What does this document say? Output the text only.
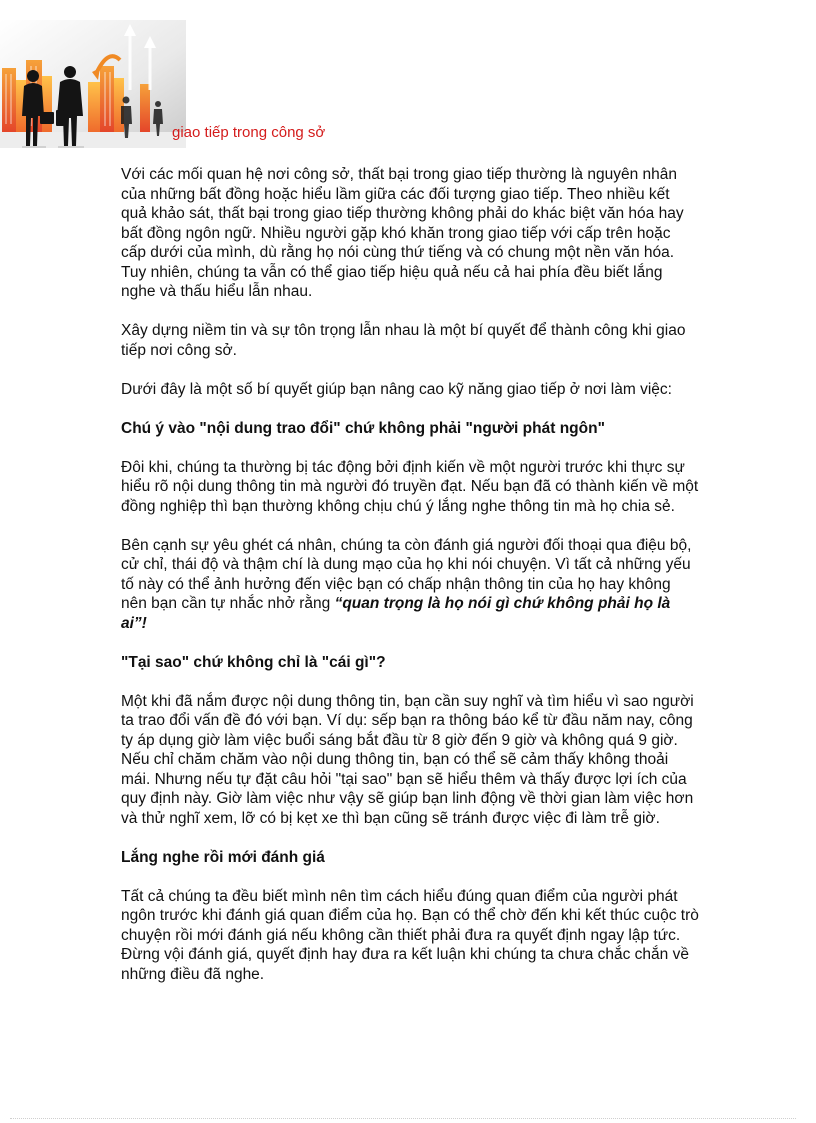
giao tiếp trong công sở

Với các mối quan hệ nơi công sở, thất bại trong giao tiếp thường là nguyên nhân của những bất đồng hoặc hiểu lầm giữa các đối tượng giao tiếp. Theo nhiều kết quả khảo sát, thất bại trong giao tiếp thường không phải do khác biệt văn hóa hay bất đồng ngôn ngữ. Nhiều người gặp khó khăn trong giao tiếp với cấp trên hoặc cấp dưới của mình, dù rằng họ nói cùng thứ tiếng và có chung một nền văn hóa. Tuy nhiên, chúng ta vẫn có thể giao tiếp hiệu quả nếu cả hai phía đều biết lắng nghe và thấu hiểu lẫn nhau.

Xây dựng niềm tin và sự tôn trọng lẫn nhau là một bí quyết để thành công khi giao tiếp nơi công sở.

Dưới đây là một số bí quyết giúp bạn nâng cao kỹ năng giao tiếp ở nơi làm việc:

Chú ý vào "nội dung trao đổi" chứ không phải "người phát ngôn"

Đôi khi, chúng ta thường bị tác động bởi định kiến về một người trước khi thực sự hiểu rõ nội dung thông tin mà người đó truyền đạt. Nếu bạn đã có thành kiến về một đồng nghiệp thì bạn thường không chịu chú ý lắng nghe thông tin mà họ chia sẻ.

Bên cạnh sự yêu ghét cá nhân, chúng ta còn đánh giá người đối thoại qua điệu bộ, cử chỉ, thái độ và thậm chí là dung mạo của họ khi nói chuyện. Vì tất cả những yếu tố này có thể ảnh hưởng đến việc bạn có chấp nhận thông tin của họ hay không nên bạn cần tự nhắc nhở rằng “quan trọng là họ nói gì chứ không phải họ là ai”!

"Tại sao" chứ không chỉ là "cái gì"?

Một khi đã nắm được nội dung thông tin, bạn cần suy nghĩ và tìm hiểu vì sao người ta trao đổi vấn đề đó với bạn. Ví dụ: sếp bạn ra thông báo kể từ đầu năm nay, công ty áp dụng giờ làm việc buổi sáng bắt đầu từ 8 giờ đến 9 giờ và không quá 9 giờ. Nếu chỉ chăm chăm vào nội dung thông tin, bạn có thể sẽ cảm thấy không thoải mái. Nhưng nếu tự đặt câu hỏi "tại sao" bạn sẽ hiểu thêm và thấy được lợi ích của quy định này. Giờ làm việc như vậy sẽ giúp bạn linh động về thời gian làm việc hơn và thử nghĩ xem, lỡ có bị kẹt xe thì bạn cũng sẽ tránh được việc đi làm trễ giờ.

Lắng nghe rồi mới đánh giá

Tất cả chúng ta đều biết mình nên tìm cách hiểu đúng quan điểm của người phát ngôn trước khi đánh giá quan điểm của họ. Bạn có thể chờ đến khi kết thúc cuộc trò chuyện rồi mới đánh giá nếu không cần thiết phải đưa ra quyết định ngay lập tức. Đừng vội đánh giá, quyết định hay đưa ra kết luận khi chúng ta chưa chắc chắn về những điều đã nghe.
